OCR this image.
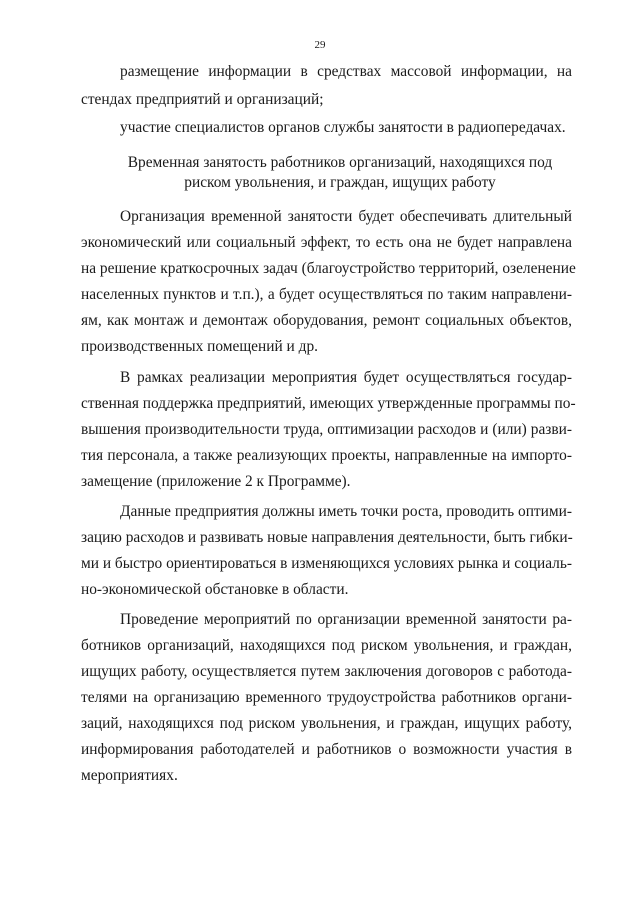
29
размещение информации в средствах массовой информации, на
стендах предприятий и организаций;
участие специалистов органов службы занятости в радиопередачах.
Временная занятость работников организаций, находящихся под
риском увольнения, и граждан, ищущих работу
Организация временной занятости будет обеспечивать длительный
экономический или социальный эффект, то есть она не будет направлена
на решение краткосрочных задач (благоустройство территорий, озеленение
населенных пунктов и т.п.), а будет осуществляться по таким направлени-
ям, как монтаж и демонтаж оборудования, ремонт социальных объектов,
производственных помещений и др.
В рамках реализации мероприятия будет осуществляться государ-
ственная поддержка предприятий, имеющих утвержденные программы по-
вышения производительности труда, оптимизации расходов и (или) разви-
тия персонала, а также реализующих проекты, направленные на импорто-
замещение (приложение 2 к Программе).
Данные предприятия должны иметь точки роста, проводить оптими-
зацию расходов и развивать новые направления деятельности, быть гибки-
ми и быстро ориентироваться в изменяющихся условиях рынка и социаль-
но-экономической обстановке в области.
Проведение мероприятий по организации временной занятости ра-
ботников организаций, находящихся под риском увольнения, и граждан,
ищущих работу, осуществляется путем заключения договоров с работода-
телями на организацию временного трудоустройства работников органи-
заций, находящихся под риском увольнения, и граждан, ищущих работу,
информирования работодателей и работников о возможности участия в
мероприятиях.
